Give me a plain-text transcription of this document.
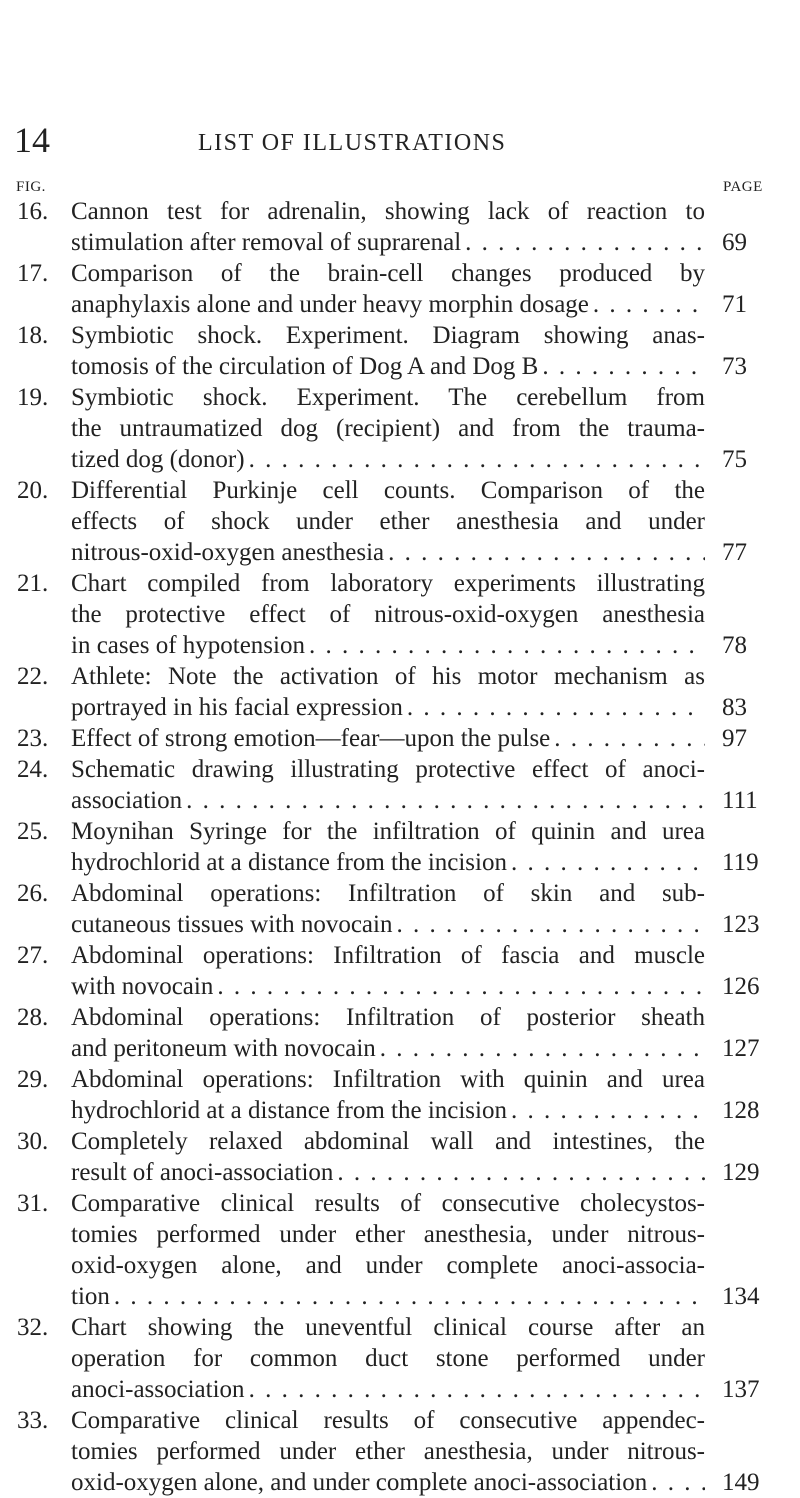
14	LIST OF ILLUSTRATIONS
FIG.	PAGE
16. Cannon test for adrenalin, showing lack of reaction to
stimulation after removal of suprarenal . . .	69
17. Comparison of the brain-cell changes produced by
anaphylaxis alone and under heavy morphin dosage . . .	71
18. Symbiotic shock. Experiment. Diagram showing anas-
tomosis of the circulation of Dog A and Dog B . . .	73
19. Symbiotic shock. Experiment. The cerebellum from
the untraumatized dog (recipient) and from the trauma-
tized dog (donor) . . .	75
20. Differential Purkinje cell counts. Comparison of the
effects of shock under ether anesthesia and under
nitrous-oxid-oxygen anesthesia . . .	77
21. Chart compiled from laboratory experiments illustrating
the protective effect of nitrous-oxid-oxygen anesthesia
in cases of hypotension . . .	78
22. Athlete: Note the activation of his motor mechanism as
portrayed in his facial expression . . .	83
23. Effect of strong emotion—fear—upon the pulse . . .	97
24. Schematic drawing illustrating protective effect of anoci-
association . . .	111
25. Moynihan Syringe for the infiltration of quinin and urea
hydrochlorid at a distance from the incision . . .	119
26. Abdominal operations: Infiltration of skin and sub-
cutaneous tissues with novocain . . .	123
27. Abdominal operations: Infiltration of fascia and muscle
with novocain . . .	126
28. Abdominal operations: Infiltration of posterior sheath
and peritoneum with novocain . . .	127
29. Abdominal operations: Infiltration with quinin and urea
hydrochlorid at a distance from the incision . . .	128
30. Completely relaxed abdominal wall and intestines, the
result of anoci-association . . .	129
31. Comparative clinical results of consecutive cholecystos-
tomies performed under ether anesthesia, under nitrous-
oxid-oxygen alone, and under complete anoci-associa-
tion . . .	134
32. Chart showing the uneventful clinical course after an
operation for common duct stone performed under
anoci-association . . .	137
33. Comparative clinical results of consecutive appendec-
tomies performed under ether anesthesia, under nitrous-
oxid-oxygen alone, and under complete anoci-association . . .	149
